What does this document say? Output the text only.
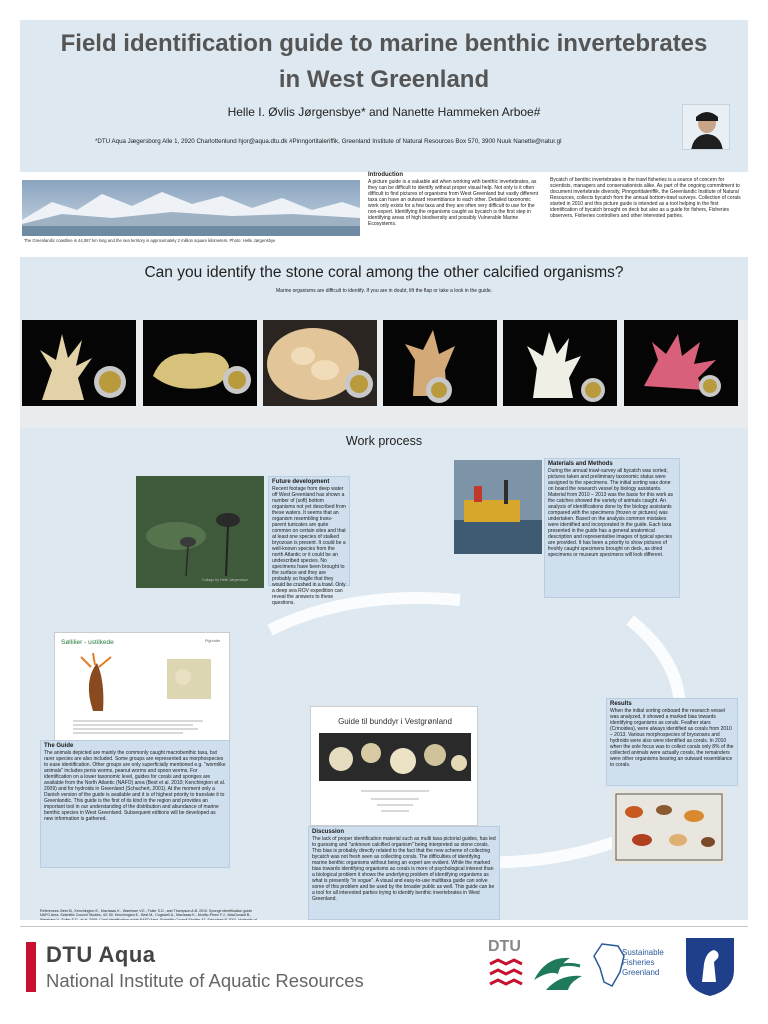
Field identification guide to marine benthic invertebrates
in West Greenland
Helle I. Øvlis Jørgensbye* and Nanette Hammeken Arboe#
*DTU Aqua Jægersborg Alle 1, 2920 Charlottenlund hjor@aqua.dtu.dk #Pinngortitaleriffik, Greenland Institute of Natural Resources Box 570, 3900 Nuuk Nanette@natur.gl
The Greenlandic coastline is 44,087 km long and the sea territory is approximately 2 million square kilometers. Photo: Helle Jørgensbye
Introduction

A picture guide is a valuable aid when working with benthic invertebrates, as they can be difficult to identify without proper visual help. Not only is it often difficult to find pictures of organisms from West Greenland but vastly different taxa can have an outward resemblance to each other. Detailed taxonomic work only exists for a few taxa and they are often very difficult to use for the non-expert. Identifying the organisms caught as bycatch is the first step in identifying areas of high biodiversity and possibly Vulnerable Marine Ecosystems.

Bycatch of benthic invertebrates in the trawl fisheries is a source of concern for scientists, managers and conservationists alike. As part of the ongoing commitment to document invertebrate diversity, Pinngortitaleriffik, the Greenlandic Institute of Natural Resources, collects bycatch from the annual bottom-trawl surveys. Collection of corals started in 2010 and this picture guide is intended as a tool helping in the first identification of bycatch brought on deck but also as a guide for fishers, Fisheries observers, Fisheries controllers and other interested parties.

Can you identify the stone coral among the other calcified organisms?
Marine organisms are difficult to identify. If you are in doubt, lift the flap or take a look in the guide.
Work process
Collage by Helle Jørgensbye
Future development

Recent footage from deep water off West Greenland has shown a number of (soft) bottom organisms not yet described from these waters. It seems that an organism resembling trans-parent tunicates are quite common on certain sites and that at least one species of stalked bryozoan is present. It could be a well-known species from the north Atlantic or it could be an undescribed species. No specimens have been brought to the surface and they are probably so fragile that they would be crushed in a trawl. Only a deep sea ROV expedition can reveal the answers to these questions.

Materials and Methods

During the annual trawl-survey all bycatch was sorted, pictures taken and preliminary taxonomic status were assigned to the specimens. The initial sorting was done on board the research vessel by biology assistants. Material from 2010 – 2013 was the basis for this work as the catches showed the variety of animals caught. An analysis of identifications done by the biology assistants compared with the specimens (frozen or pictures) was undertaken. Based on the analysis common mistakes were identified and incorporated in the guide. Each taxa presented in the guide has a general anatomical description and representative images of typical species are provided. It has been a priority to show pictures of freshly caught specimens brought on deck, as dried specimens or museum specimens will look different.

Søllilier - ustilkede	Pighuder
The Guide

The animals depicted are mainly the commonly caught macrobenthic taxa, but rarer species are also included. Some groups are represented as morphospecies to ease identification. Other groups are only superficially mentioned e.g. "wormlike animals" includes penis worms, peanut worms and spoon worms. For identification on a lower taxonomic level, guides for corals and sponges are available from the North Atlantic (NAFO) area (Best et al. 2010; Kenchington et al. 2009) and for hydroids in Greenland (Schuchert, 2001). At the moment only a Danish version of the guide is available and it is of highest priority to translate it to Greenlandic. This guide is the first of its kind in the region and provides an important tool in our understanding of the distribution and abundance of marine benthic species in West Greenland. Subsequent editions will be developed as new information is gathered.

Guide til bunddyr i Vestgrønland
Discussion

The lack of proper identification material such as multi taxa pictorial guides, has led to guessing and "unknown calcified organism" being interpreted as stone corals. This bias is probably directly related to the fact that the new scheme of collecting bycatch was not fresh seen as collecting corals. The difficulties of identifying marine benthic organisms without being an expert are evident. While the marked bias towards identifying organisms as corals is more of psychological interest than a biological problem it shows the underlying problem of identifying organisms as what is presently "in vogue". A visual and easy-to-use multitaxa guide can solve some of this problem and be used by the broader public as well. This guide can be a tool for all interested parties trying to identify benthic invertebrates in West Greenland.

Results

When the initial sorting onboard the research vessel was analyzed, it showed a marked bias towards identifying organisms as corals. Feather stars (Crinoidea), were always identified as corals from 2010 – 2013. Various morphospecies of bryozoans and hydroids were also were identified as corals. In 2010 when the sole focus was to collect corals only 8% of the collected animals were actually corals, the remainders were other organisms bearing an outward resemblance to corals.

References: Best M., Kenchington E., MacIsaac K., Wareham V.E., Fuller S.D., and Thompson A.B. 2010. Sponge identification guide NAFO Area. Scientific Council Studies, 43: 50. Kenchington E., Best M., Cogswell A., MacIsaac K., Murillo-Perez F.J., MacDonald B.,
DTU Aqua
National Institute of Aquatic Resources
DTU	Sustainable
Fisheries
Greenland
